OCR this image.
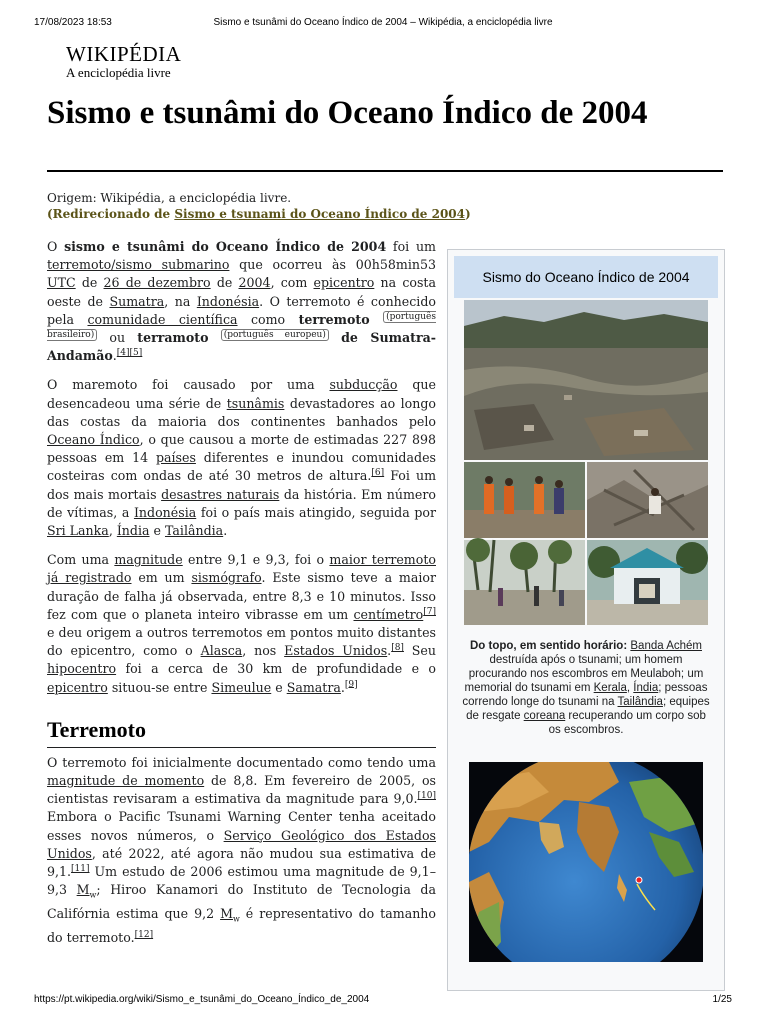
17/08/2023 18:53	Sismo e tsunâmi do Oceano Índico de 2004 – Wikipédia, a enciclopédia livre
WIKIPÉDIA
A enciclopédia livre
Sismo e tsunâmi do Oceano Índico de 2004
Origem: Wikipédia, a enciclopédia livre.
(Redirecionado de Sismo e tsunami do Oceano Índico de 2004)

O sismo e tsunâmi do Oceano Índico de 2004 foi um terremoto/sismo submarino que ocorreu às 00h58min53 UTC de 26 de dezembro de 2004, com epicentro na costa oeste de Sumatra, na Indonésia. O terremoto é conhecido pela comunidade científica como terremoto $^{(português brasileiro)}$ ou terramoto $^{(português europeu)}$ de Sumatra-Andamão.[4][5]

O maremoto foi causado por uma subducção que desencadeou uma série de tsunâmis devastadores ao longo das costas da maioria dos continentes banhados pelo Oceano Índico, o que causou a morte de estimadas 227 898 pessoas em 14 países diferentes e inundou comunidades costeiras com ondas de até 30 metros de altura.[6] Foi um dos mais mortais desastres naturais da história. Em número de vítimas, a Indonésia foi o país mais atingido, seguida por Sri Lanka, Índia e Tailândia.

Com uma magnitude entre 9,1 e 9,3, foi o maior terremoto já registrado em um sismógrafo. Este sismo teve a maior duração de falha já observada, entre 8,3 e 10 minutos. Isso fez com que o planeta inteiro vibrasse em um centímetro[7] e deu origem a outros terremotos em pontos muito distantes do epicentro, como o Alasca, nos Estados Unidos.[8] Seu hipocentro foi a cerca de 30 km de profundidade e o epicentro situou-se entre Simeulue e Samatra.[9]

Terremoto

O terremoto foi inicialmente documentado como tendo uma magnitude de momento de 8,8. Em fevereiro de 2005, os cientistas revisaram a estimativa da magnitude para 9,0.[10] Embora o Pacific Tsunami Warning Center tenha aceitado esses novos números, o Serviço Geológico dos Estados Unidos, até 2022, até agora não mudou sua estimativa de 9,1.[11] Um estudo de 2006 estimou uma magnitude de 9,1–9,3 $M_w$; Hiroo Kanamori do Instituto de Tecnologia da Califórnia estima que 9,2 $M_w$ é representativo do tamanho do terremoto.[12]

Sismo do Oceano Índico de 2004
Do topo, em sentido horário: Banda Achém destruída após o tsunami; um homem procurando nos escombros em Meulaboh; um memorial do tsunami em Kerala, Índia; pessoas correndo longe do tsunami na Tailândia; equipes de resgate coreana recuperando um corpo sob os escombros.
https://pt.wikipedia.org/wiki/Sismo_e_tsunâmi_do_Oceano_Índico_de_2004	1/25
